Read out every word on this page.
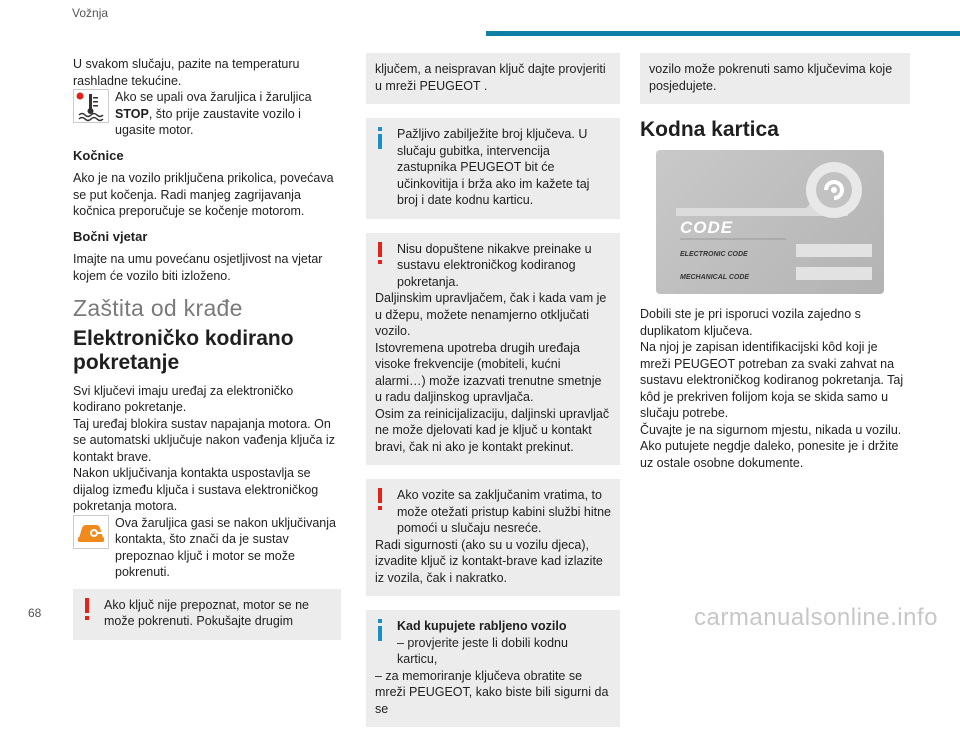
Vožnja

U svakom slučaju, pazite na temperaturu rashladne tekućine.

Ako se upali ova žaruljica i žaruljica STOP, što prije zaustavite vozilo i ugasite motor.

Kočnice

Ako je na vozilo priključena prikolica, povećava se put kočenja. Radi manjeg zagrijavanja kočnica preporučuje se kočenje motorom.

Bočni vjetar

Imajte na umu povećanu osjetljivost na vjetar kojem će vozilo biti izloženo.

Zaštita od krađe
Elektroničko kodirano pokretanje

Svi ključevi imaju uređaj za elektroničko kodirano pokretanje.

Taj uređaj blokira sustav napajanja motora. On se automatski uključuje nakon vađenja ključa iz kontakt brave.

Nakon uključivanja kontakta uspostavlja se dijalog između ključa i sustava elektroničkog pokretanja motora.

Ova žaruljica gasi se nakon uključivanja kontakta, što znači da je sustav prepoznao ključ i motor se može pokrenuti.

Ako ključ nije prepoznat, motor se ne može pokrenuti. Pokušajte drugim

ključem, a neispravan ključ dajte provjeriti u mreži PEUGEOT .

Pažljivo zabilježite broj ključeva. U slučaju gubitka, intervencija zastupnika PEUGEOT bit će učinkovitija i brža ako im kažete taj broj i date kodnu karticu.

Nisu dopuštene nikakve preinake u sustavu elektroničkog kodiranog pokretanja.

Daljinskim upravljačem, čak i kada vam je u džepu, možete nenamjerno otključati vozilo.

Istovremena upotreba drugih uređaja visoke frekvencije (mobiteli, kućni alarmi…) može izazvati trenutne smetnje u radu daljinskog upravljača.

Osim za reinicijalizaciju, daljinski upravljač ne može djelovati kad je ključ u kontakt bravi, čak ni ako je kontakt prekinut.

Ako vozite sa zaključanim vratima, to može otežati pristup kabini službi hitne pomoći u slučaju nesreće.

Radi sigurnosti (ako su u vozilu djeca), izvadite ključ iz kontakt-brave kad izlazite iz vozila, čak i nakratko.

Kad kupujete rabljeno vozilo

– provjerite jeste li dobili kodnu karticu,

– za memoriranje ključeva obratite se mreži PEUGEOT, kako biste bili sigurni da se

vozilo može pokrenuti samo ključevima koje posjedujete.

Kodna kartica
CODE
ELECTRONIC CODE
MECHANICAL CODE

Dobili ste je pri isporuci vozila zajedno s duplikatom ključeva.

Na njoj je zapisan identifikacijski kôd koji je mreži PEUGEOT potreban za svaki zahvat na sustavu elektroničkog kodiranog pokretanja. Taj kôd je prekriven folijom koja se skida samo u slučaju potrebe.

Čuvajte je na sigurnom mjestu, nikada u vozilu.

Ako putujete negdje daleko, ponesite je i držite uz ostale osobne dokumente.

68	carmanualsonline.info
